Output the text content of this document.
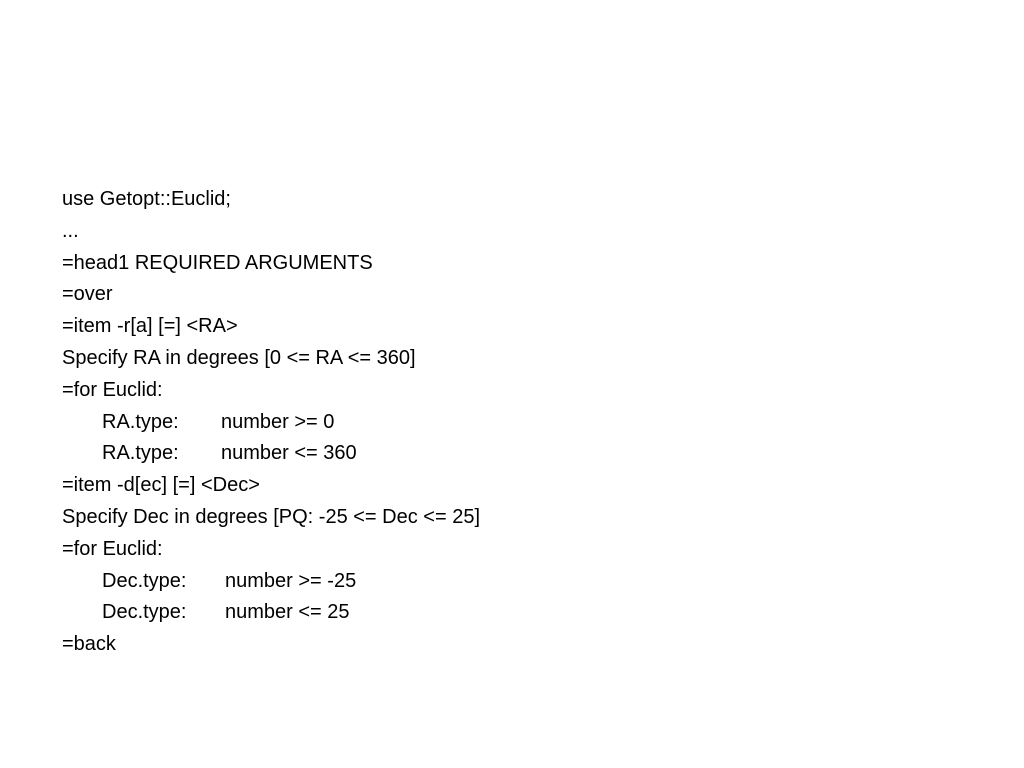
use Getopt::Euclid;
...
=head1 REQUIRED ARGUMENTS
=over
=item -r[a] [=] <RA>
Specify RA in degrees [0 <= RA <= 360]
=for Euclid:
RA.type: number >= 0
RA.type: number <= 360
=item -d[ec] [=] <Dec>
Specify Dec in degrees [PQ: -25 <= Dec <= 25]
=for Euclid:
Dec.type: number >= -25
Dec.type: number <= 25
=back
